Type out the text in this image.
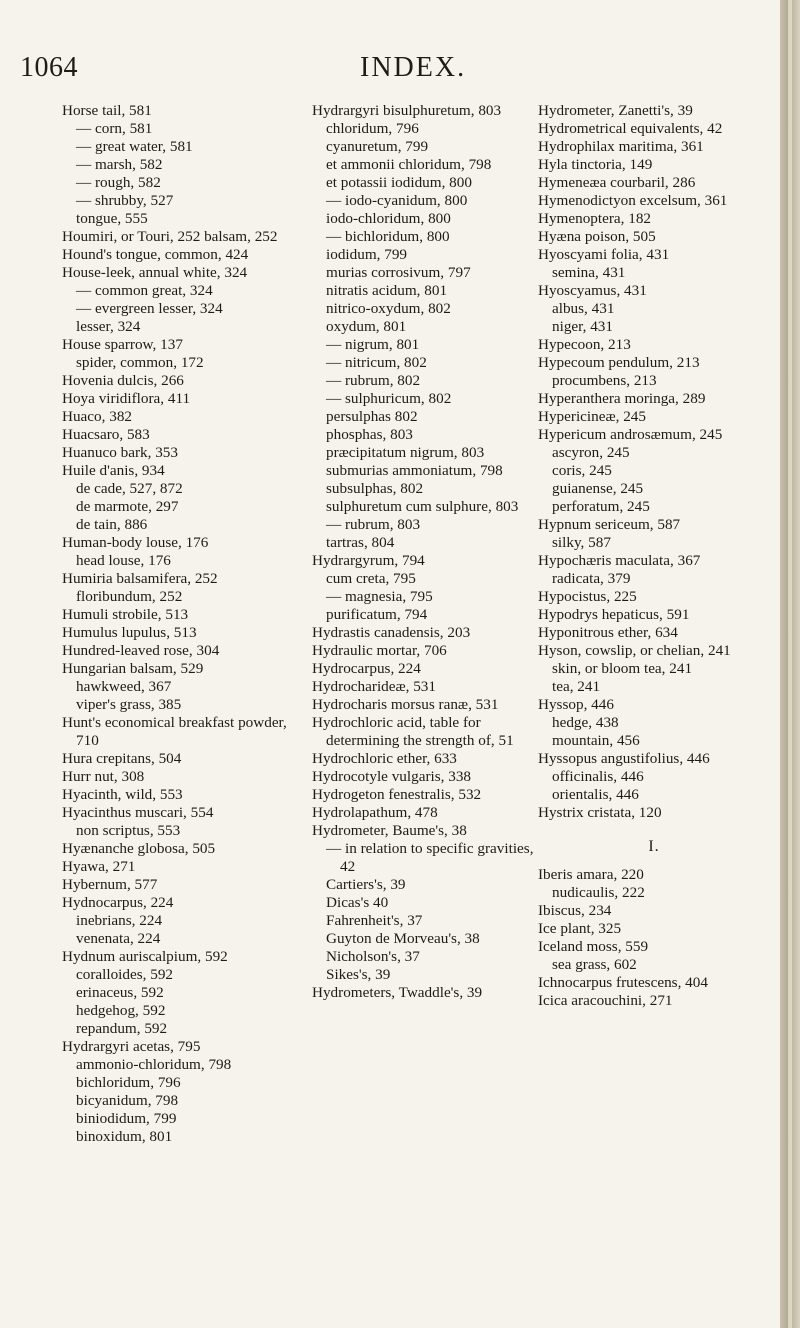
1064	INDEX.

Horse tail, 581

— corn, 581

— great water, 581

— marsh, 582

— rough, 582

— shrubby, 527

tongue, 555

Houmiri, or Touri, 252 balsam, 252

Hound's tongue, common, 424

House-leek, annual white, 324

— common great, 324

— evergreen lesser, 324

lesser, 324

House sparrow, 137

spider, common, 172

Hovenia dulcis, 266

Hoya viridiflora, 411

Huaco, 382

Huacsaro, 583

Huanuco bark, 353

Huile d'anis, 934

de cade, 527, 872

de marmote, 297

de tain, 886

Human-body louse, 176

head louse, 176

Humiria balsamifera, 252

floribundum, 252

Humuli strobile, 513

Humulus lupulus, 513

Hundred-leaved rose, 304

Hungarian balsam, 529

hawkweed, 367

viper's grass, 385

Hunt's economical breakfast powder, 710

Hura crepitans, 504

Hurr nut, 308

Hyacinth, wild, 553

Hyacinthus muscari, 554

non scriptus, 553

Hyænanche globosa, 505

Hyawa, 271

Hybernum, 577

Hydnocarpus, 224

inebrians, 224

venenata, 224

Hydnum auriscalpium, 592

coralloides, 592

erinaceus, 592

hedgehog, 592

repandum, 592

Hydrargyri acetas, 795

ammonio-chloridum, 798

bichloridum, 796

bicyanidum, 798

biniodidum, 799

binoxidum, 801

Hydrargyri bisulphuretum, 803

chloridum, 796

cyanuretum, 799

et ammonii chloridum, 798

et potassii iodidum, 800

— iodo-cyanidum, 800

iodo-chloridum, 800

— bichloridum, 800

iodidum, 799

murias corrosivum, 797

nitratis acidum, 801

nitrico-oxydum, 802

oxydum, 801

— nigrum, 801

— nitricum, 802

— rubrum, 802

— sulphuricum, 802

persulphas 802

phosphas, 803

præcipitatum nigrum, 803

submurias ammoniatum, 798

subsulphas, 802

sulphuretum cum sulphure, 803

— rubrum, 803

tartras, 804

Hydrargyrum, 794

cum creta, 795

— magnesia, 795

purificatum, 794

Hydrastis canadensis, 203

Hydraulic mortar, 706

Hydrocarpus, 224

Hydrocharideæ, 531

Hydrocharis morsus ranæ, 531

Hydrochloric acid, table for determining the strength of, 51

Hydrochloric ether, 633

Hydrocotyle vulgaris, 338

Hydrogeton fenestralis, 532

Hydrolapathum, 478

Hydrometer, Baume's, 38

— in relation to specific gravities, 42

Cartiers's, 39

Dicas's 40

Fahrenheit's, 37

Guyton de Morveau's, 38

Nicholson's, 37

Sikes's, 39

Hydrometers, Twaddle's, 39

Hydrometer, Zanetti's, 39

Hydrometrical equivalents, 42

Hydrophilax maritima, 361

Hyla tinctoria, 149

Hymeneæa courbaril, 286

Hymenodictyon excelsum, 361

Hymenoptera, 182

Hyæna poison, 505

Hyoscyami folia, 431

semina, 431

Hyoscyamus, 431

albus, 431

niger, 431

Hypecoon, 213

Hypecoum pendulum, 213

procumbens, 213

Hyperanthera moringa, 289

Hypericineæ, 245

Hypericum androsæmum, 245

ascyron, 245

coris, 245

guianense, 245

perforatum, 245

Hypnum sericeum, 587

silky, 587

Hypochæris maculata, 367

radicata, 379

Hypocistus, 225

Hypodrys hepaticus, 591

Hyponitrous ether, 634

Hyson, cowslip, or chelian, 241

skin, or bloom tea, 241

tea, 241

Hyssop, 446

hedge, 438

mountain, 456

Hyssopus angustifolius, 446

officinalis, 446

orientalis, 446

Hystrix cristata, 120

I.

Iberis amara, 220

nudicaulis, 222

Ibiscus, 234

Ice plant, 325

Iceland moss, 559

sea grass, 602

Ichnocarpus frutescens, 404

Icica aracouchini, 271
